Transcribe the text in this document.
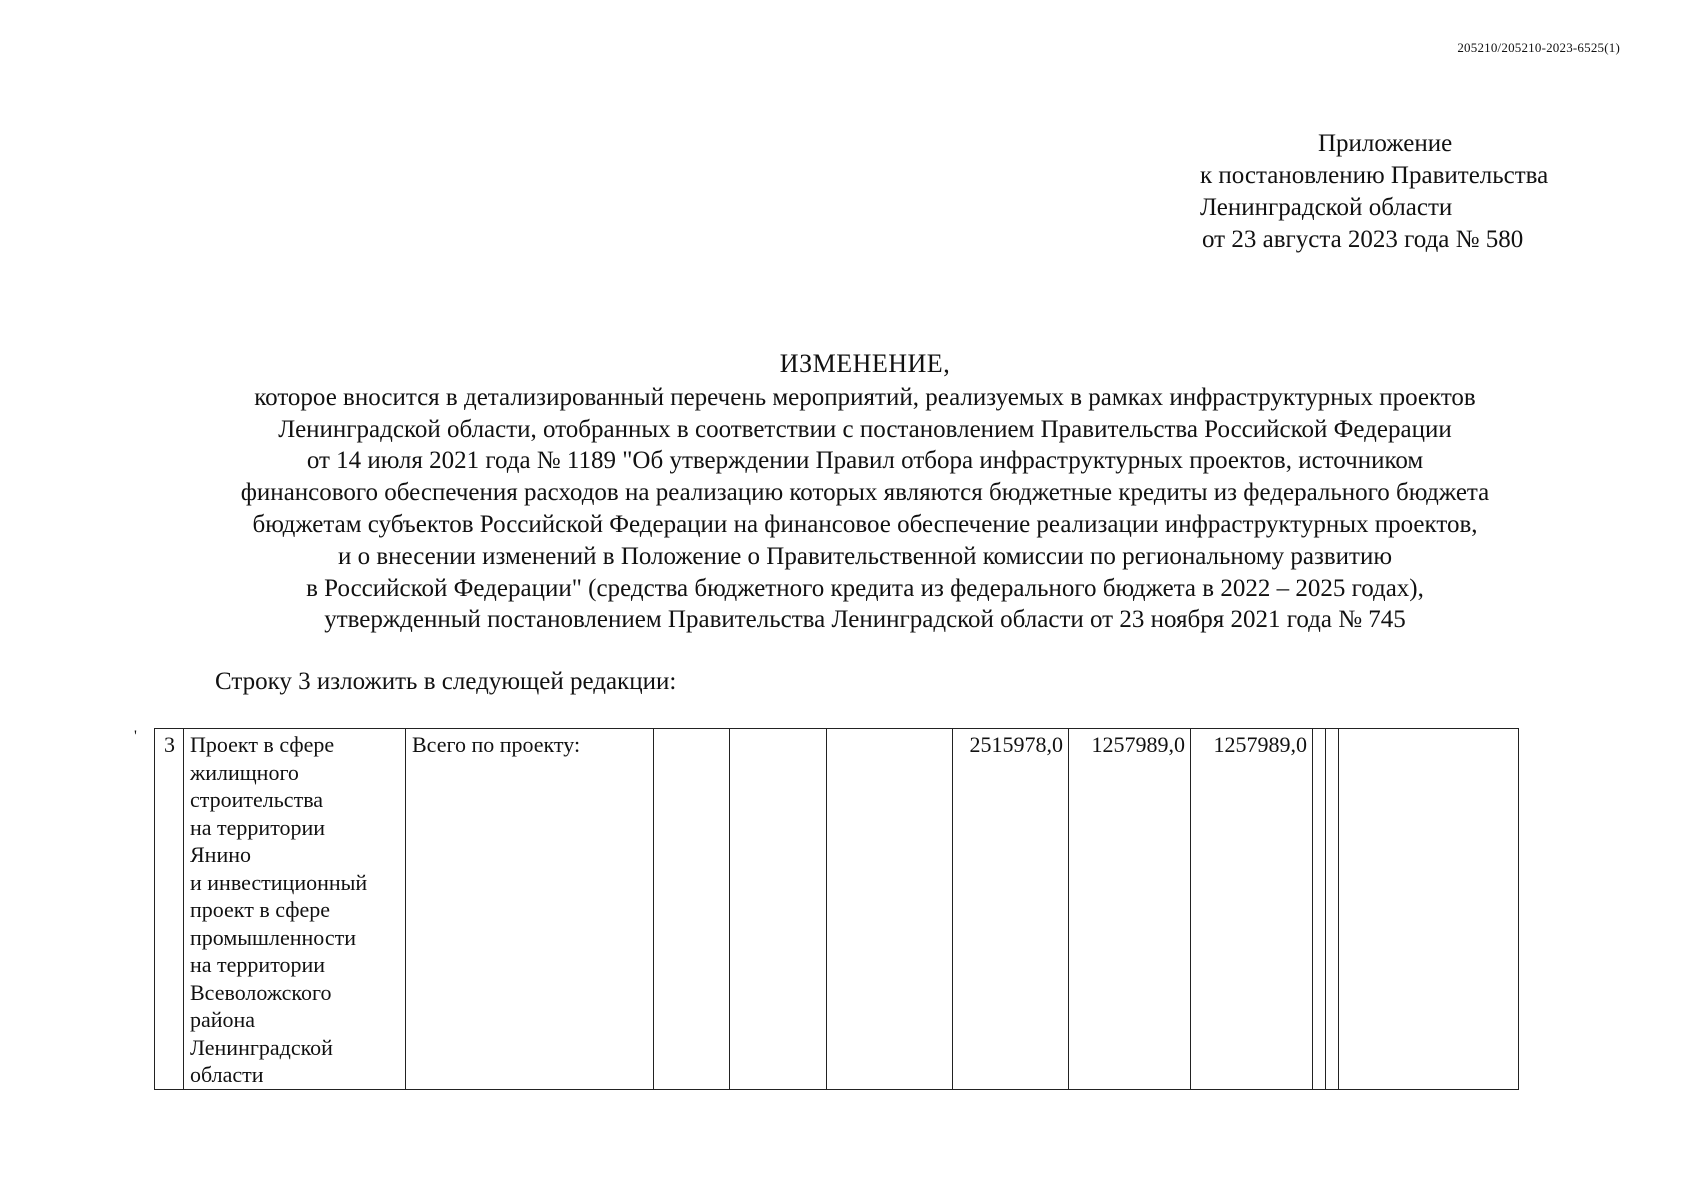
205210/205210-2023-6525(1)
Приложение
к постановлению Правительства
Ленинградской области
от 23 августа 2023 года № 580
ИЗМЕНЕНИЕ,
которое вносится в детализированный перечень мероприятий, реализуемых в рамках инфраструктурных проектов
Ленинградской области, отобранных в соответствии с постановлением Правительства Российской Федерации
от 14 июля 2021 года № 1189 "Об утверждении Правил отбора инфраструктурных проектов, источником
финансового обеспечения расходов на реализацию которых являются бюджетные кредиты из федерального бюджета
бюджетам субъектов Российской Федерации на финансовое обеспечение реализации инфраструктурных проектов,
и о внесении изменений в Положение о Правительственной комиссии по региональному развитию
в Российской Федерации" (средства бюджетного кредита из федерального бюджета в 2022 – 2025 годах),
утвержденный постановлением Правительства Ленинградской области от 23 ноября 2021 года № 745
Строку 3 изложить в следующей редакции:
' 3	Проект в сфере
жилищного
строительства
на территории
Янино
и инвестиционный
проект в сфере
промышленности
на территории
Всеволожского
района
Ленинградской
области
	Всего по проекту:				2515978,0	1257989,0	1257989,0			
